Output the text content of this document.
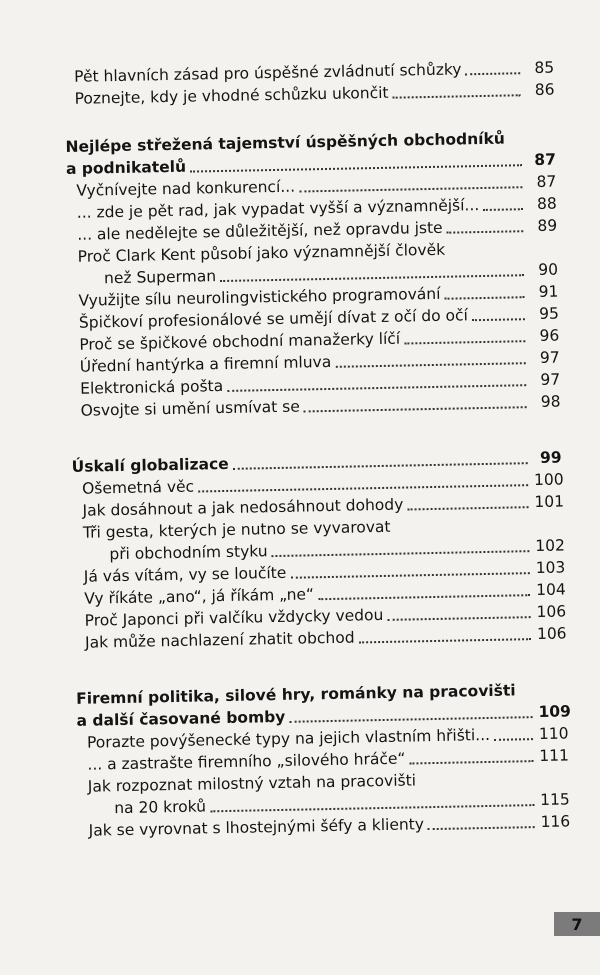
Pět hlavních zásad pro úspěšné zvládnutí schůzky	85
Poznejte, kdy je vhodné schůzku ukončit	86
Nejlépe střežená tajemství úspěšných obchodníků
a podnikatelů	87
Vyčnívejte nad konkurencí...	87
... zde je pět rad, jak vypadat vyšší a významnější...	88
... ale nedělejte se důležitější, než opravdu jste	89
Proč Clark Kent působí jako významnější člověk
než Superman	90
Využijte sílu neurolingvistického programování	91
Špičkoví profesionálové se umějí dívat z očí do očí	95
Proč se špičkové obchodní manažerky líčí	96
Úřední hantýrka a firemní mluva	97
Elektronická pošta	97
Osvojte si umění usmívat se	98
Úskalí globalizace	99
Ošemetná věc	100
Jak dosáhnout a jak nedosáhnout dohody	101
Tři gesta, kterých je nutno se vyvarovat
při obchodním styku	102
Já vás vítám, vy se loučíte	103
Vy říkáte „ano“, já říkám „ne“	104
Proč Japonci při valčíku vždycky vedou	106
Jak může nachlazení zhatit obchod	106
Firemní politika, silové hry, románky na pracovišti
a další časované bomby	109
Porazte povýšenecké typy na jejich vlastním hřišti...	110
... a zastrašte firemního „silového hráče“	111
Jak rozpoznat milostný vztah na pracovišti
na 20 kroků	115
Jak se vyrovnat s lhostejnými šéfy a klienty	116
7
